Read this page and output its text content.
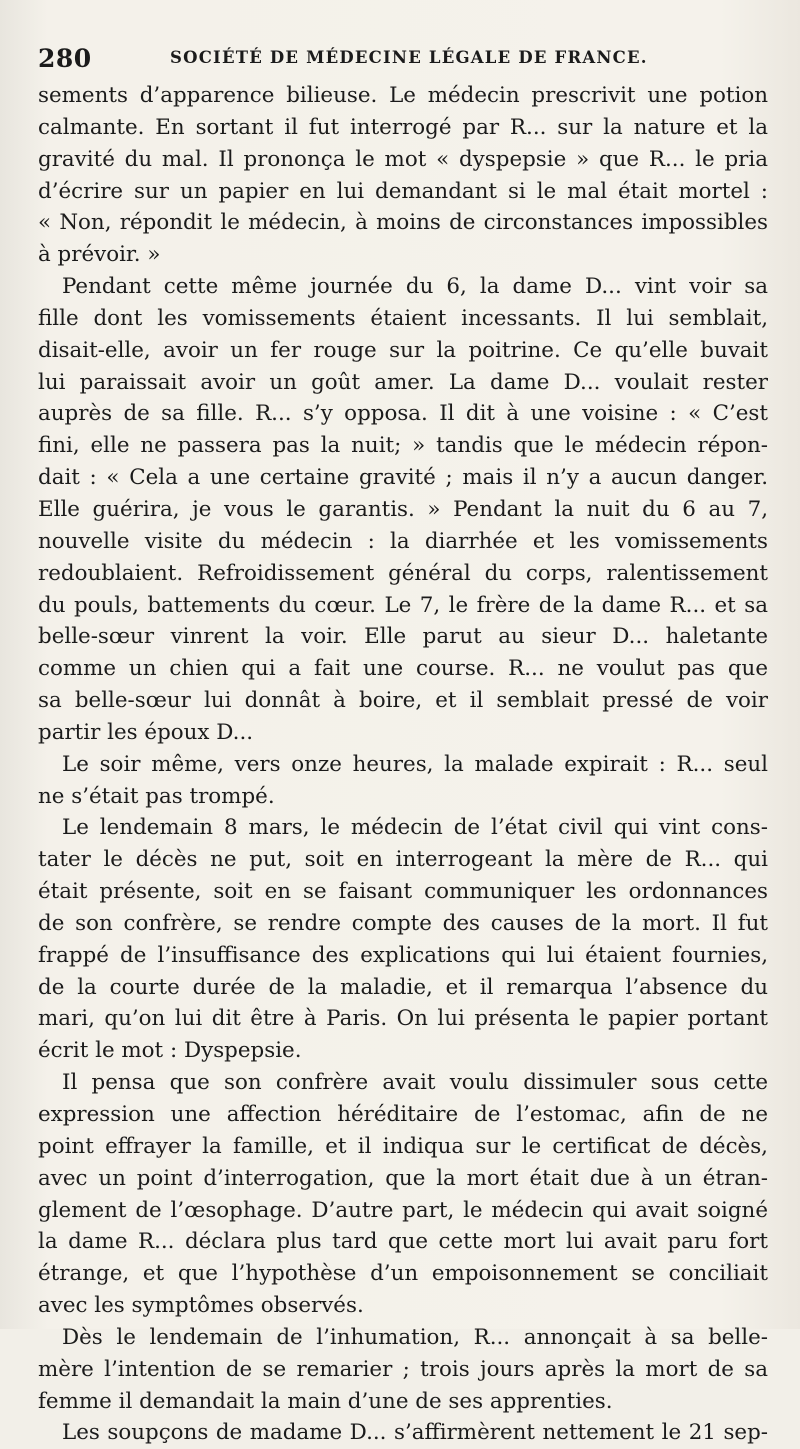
280	SOCIÉTÉ DE MÉDECINE LÉGALE DE FRANCE.
sements d’apparence bilieuse. Le médecin prescrivit une potion
calmante. En sortant il fut interrogé par R... sur la nature et la
gravité du mal. Il prononça le mot « dyspepsie » que R... le pria
d’écrire sur un papier en lui demandant si le mal était mortel :
« Non, répondit le médecin, à moins de circonstances impossibles
à prévoir. »
Pendant cette même journée du 6, la dame D... vint voir sa
fille dont les vomissements étaient incessants. Il lui semblait,
disait-elle, avoir un fer rouge sur la poitrine. Ce qu’elle buvait
lui paraissait avoir un goût amer. La dame D... voulait rester
auprès de sa fille. R... s’y opposa. Il dit à une voisine : « C’est
fini, elle ne passera pas la nuit; » tandis que le médecin répon-
dait : « Cela a une certaine gravité ; mais il n’y a aucun danger.
Elle guérira, je vous le garantis. » Pendant la nuit du 6 au 7,
nouvelle visite du médecin : la diarrhée et les vomissements
redoublaient. Refroidissement général du corps, ralentissement
du pouls, battements du cœur. Le 7, le frère de la dame R... et sa
belle-sœur vinrent la voir. Elle parut au sieur D... haletante
comme un chien qui a fait une course. R... ne voulut pas que
sa belle-sœur lui donnât à boire, et il semblait pressé de voir
partir les époux D...
Le soir même, vers onze heures, la malade expirait : R... seul
ne s’était pas trompé.
Le lendemain 8 mars, le médecin de l’état civil qui vint cons-
tater le décès ne put, soit en interrogeant la mère de R... qui
était présente, soit en se faisant communiquer les ordonnances
de son confrère, se rendre compte des causes de la mort. Il fut
frappé de l’insuffisance des explications qui lui étaient fournies,
de la courte durée de la maladie, et il remarqua l’absence du
mari, qu’on lui dit être à Paris. On lui présenta le papier portant
écrit le mot : Dyspepsie.
Il pensa que son confrère avait voulu dissimuler sous cette
expression une affection héréditaire de l’estomac, afin de ne
point effrayer la famille, et il indiqua sur le certificat de décès,
avec un point d’interrogation, que la mort était due à un étran-
glement de l’œsophage. D’autre part, le médecin qui avait soigné
la dame R... déclara plus tard que cette mort lui avait paru fort
étrange, et que l’hypothèse d’un empoisonnement se conciliait
avec les symptômes observés.
Dès le lendemain de l’inhumation, R... annonçait à sa belle-
mère l’intention de se remarier ; trois jours après la mort de sa
femme il demandait la main d’une de ses apprenties.
Les soupçons de madame D... s’affirmèrent nettement le 21 sep-
